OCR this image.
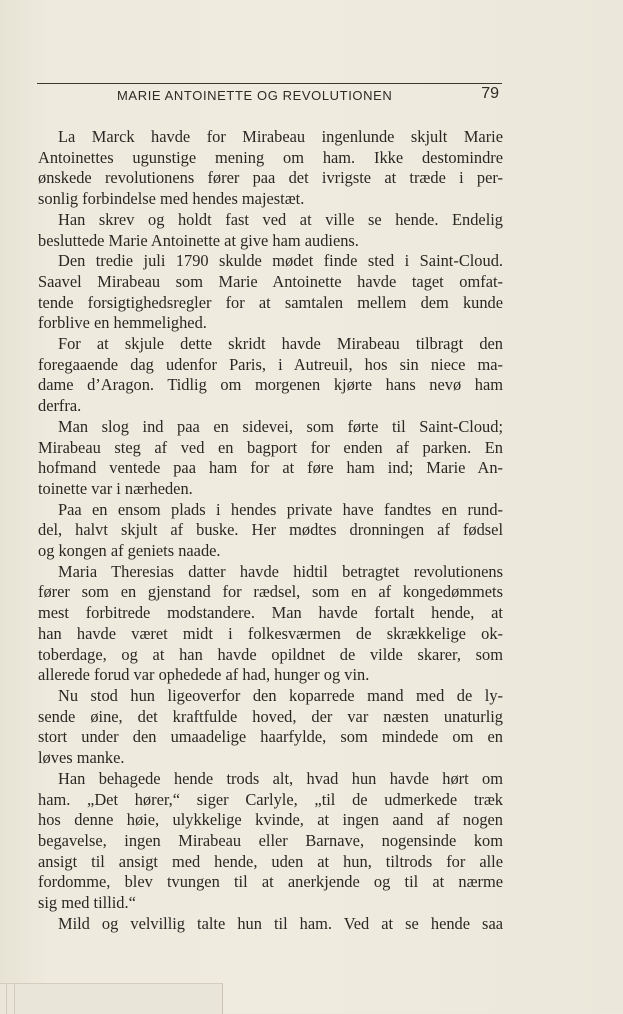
MARIE ANTOINETTE OG REVOLUTIONEN	79

La Marck havde for Mirabeau ingenlunde skjult Marie

Antoinettes ugunstige mening om ham. Ikke destomindre

ønskede revolutionens fører paa det ivrigste at træde i per-

sonlig forbindelse med hendes majestæt.

Han skrev og holdt fast ved at ville se hende. Endelig

besluttede Marie Antoinette at give ham audiens.

Den tredie juli 1790 skulde mødet finde sted i Saint-Cloud.

Saavel Mirabeau som Marie Antoinette havde taget omfat-

tende forsigtighedsregler for at samtalen mellem dem kunde

forblive en hemmelighed.

For at skjule dette skridt havde Mirabeau tilbragt den

foregaaende dag udenfor Paris, i Autreuil, hos sin niece ma-

dame d’Aragon. Tidlig om morgenen kjørte hans nevø ham

derfra.

Man slog ind paa en sidevei, som førte til Saint-Cloud;

Mirabeau steg af ved en bagport for enden af parken. En

hofmand ventede paa ham for at føre ham ind; Marie An-

toinette var i nærheden.

Paa en ensom plads i hendes private have fandtes en rund-

del, halvt skjult af buske. Her mødtes dronningen af fødsel

og kongen af geniets naade.

Maria Theresias datter havde hidtil betragtet revolutionens

fører som en gjenstand for rædsel, som en af kongedømmets

mest forbitrede modstandere. Man havde fortalt hende, at

han havde været midt i folkesværmen de skrækkelige ok-

toberdage, og at han havde opildnet de vilde skarer, som

allerede forud var ophedede af had, hunger og vin.

Nu stod hun ligeoverfor den koparrede mand med de ly-

sende øine, det kraftfulde hoved, der var næsten unaturlig

stort under den umaadelige haarfylde, som mindede om en

løves manke.

Han behagede hende trods alt, hvad hun havde hørt om

ham. „Det hører,“ siger Carlyle, „til de udmerkede træk

hos denne høie, ulykkelige kvinde, at ingen aand af nogen

begavelse, ingen Mirabeau eller Barnave, nogensinde kom

ansigt til ansigt med hende, uden at hun, tiltrods for alle

fordomme, blev tvungen til at anerkjende og til at nærme

sig med tillid.“

Mild og velvillig talte hun til ham. Ved at se hende saa
